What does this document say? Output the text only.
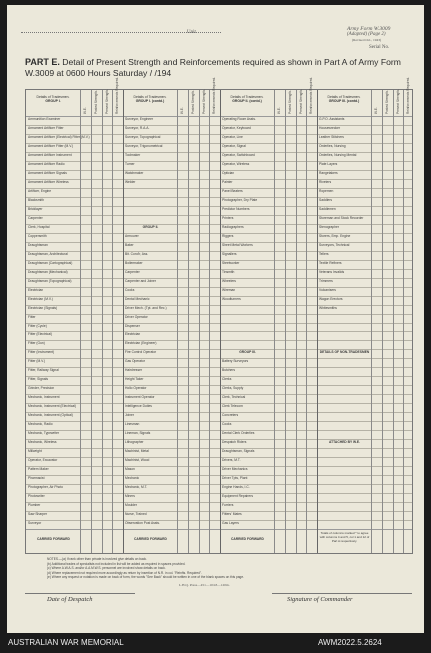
Unit
Army Form W.3009
(Adapted) (Page 2)
(Revised Oct., 1943)
Serial No.
PART E. Detail of Present Strength and Reinforcements required as shown in Part A of Army Form W.3009 at 0600 Hours Saturday / /194
Details of Tradesmen.
GROUP I.
W.E. Posted Strength. Present Strength. Reinforcements Required.
Ammunition Examiner
Armament Artificer Fitter
Armament Artificer (Electrical) Fitter (M.V.)
Armament Artificer Fitter (M.V.)
Armament Artificer Instrument
Armament Artificer Radio
Armament Artificer Signals
Armament Artificer Wireless
Artificer, Engine
Blacksmith
Bricklayer
Carpenter
Clerk, Hospital
Coppersmith
Draughtsman
Draughtsman, Architectural
Draughtsman (Cartographical)
Draughtsman (Mechanical)
Draughtsman (Topographical)
Electrician
Electrician (M.V.)
Electrician (Signals)
Fitter
Fitter (Cycle)
Fitter (Electrical)
Fitter (Gun)
Fitter (Instrument)
Fitter (M.V.)
Fitter, Railway Signal
Fitter, Signals
Grinder, Precision
Mechanic, Instrument
Mechanic, Instrument (Electrical)
Mechanic, Instrument (Optical)
Mechanic, Radio
Mechanic, Typewriter
Mechanic, Wireless
Millwright
Operator, Excavator
Pattern Maker
Pharmacist
Photographer, Air Photo
Photowriter
Plumber
Saw Sharper
Surveyor
CARRIED FORWARD
Details of Tradesmen.
GROUP I. (contd.)
W.E. Posted Strength. Present Strength. Reinforcements Required.
Surveyor, Engineer
Surveyor, R.A.A.
Surveyor, Topographical
Surveyor, Trigonometrical
Toolmaker
Turner
Watchmaker
Welder
GROUP II.
Armourer
Baker
Bit. Cond'r, Ass.
Boilermaker
Carpenter
Carpenter and Joiner
Cooks
Dental Mechanic
Driver Mech. (Tpt. and Rec.)
Driver Operator
Dispenser
Electrician
Electrician (Engineer)
Fire Control Operator
Gas Operator
Hairdresser
Height Taker
Hollo Operator
Instrument Operator
Intelligence Duties
Joiner
Linesman
Lineman, Signals
Lithographer
Machinist, Metal
Machinist, Wood
Mason
Mechanic
Mechanic, M.T.
Miners
Moulder
Nurse, Trained
Observation Post Assts.
CARRIED FORWARD
Details of Tradesmen.
GROUP II. (contd.)
W.E. Posted Strength. Present Strength. Reinforcements Required.
Operating Room Assts.
Operator, Keyboard
Operator, Line
Operator, Signal
Operator, Switchboard
Operator, Wireless
Optician
Painter
Panel Beaters
Photographer, Dry Plate
Predictor Numbers
Printers
Radiographers
Riggers
Sheet Metal Workers
Signallers
Steelworker
Tinsmith
Wheelers
Wireman
Woodturners
GROUP III.
Battery Surveyors
Butchers
Clerks
Clerks, Supply
Clerk, Technical
Clerk Telecom
Concreters
Cooks
Dental Clerk Orderlies
Despatch Riders
Draughtsman, Signals
Drivers, M.T.
Driver Mechanics
Driver Tpts, Plant
Engine Hands, I.C.
Equipment Repairers
Furriers
Fitters' Mates
Gas Layers
CARRIED FORWARD
Details of Tradesmen.
GROUP III. (contd.)
W.E. Posted Strength. Present Strength. Reinforcements Required.
G.P.O. Assistants
Housewrecker
Leather Stitchers
Orderlies, Nursing
Orderlies, Nursing Mental
Plate Layers
Rangetakers
Riveters
Ropemen
Saddlers
Saddlemen
Storeman and Stock Recorder
Stenographer
Storers, Emp. Engine
Surveyors, Technical
Tellers
Textile Refiners
Veterans Invalids
Trimmers
Vulcanisers
Wagon Erectors
Whitesmiths
DETAILS OF NON-TRADESMEN
ATTACHED BY W.E.
Totals of columns marked * to agree with columns 4 and 5, col 1 and 12 of Part A respectively.
NOTES.—(a) If rank other than private is involved give details on back.
(b) Additional trades of specialists not included in list will be added as required in spaces provided.
(c) Where A.W.A.S. and/or A.A.M.W.S. personnel are involved show details on back.
(d) Where replacement not required more accordingly as return by insertion of N.R. in col. "Reinfts. Required".
(e) Where any request or notation is made on back of form, the words "See Back" should be written in one of the blank spaces on this page.
Date of Despatch	Signature of Commander
L.H.Q. Press—451—10/43—120m.
AUSTRALIAN WAR MEMORIAL	AWM2022.5.2624
